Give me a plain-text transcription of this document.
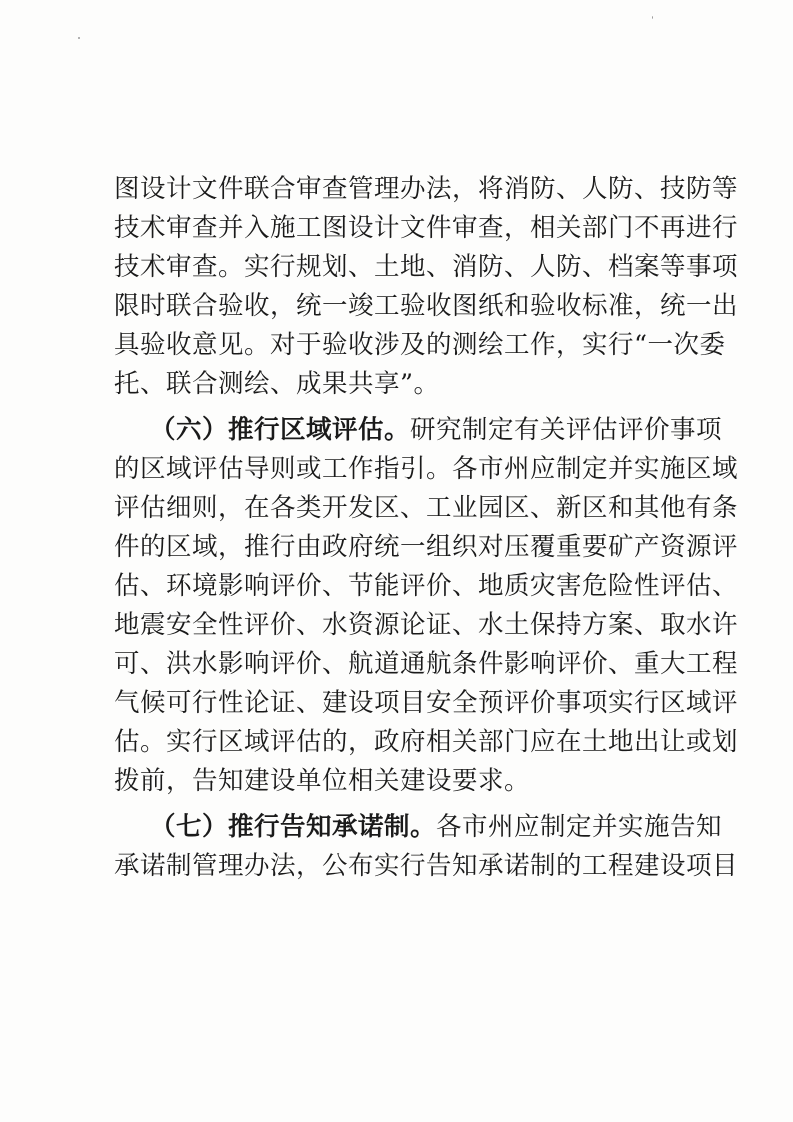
图设计文件联合审查管理办法，将消防、人防、技防等
技术审查并入施工图设计文件审查，相关部门不再进行
技术审查。实行规划、土地、消防、人防、档案等事项
限时联合验收，统一竣工验收图纸和验收标准，统一出
具验收意见。对于验收涉及的测绘工作，实行“一次委
托、联合测绘、成果共享”。
（六）推行区域评估。研究制定有关评估评价事项
的区域评估导则或工作指引。各市州应制定并实施区域
评估细则，在各类开发区、工业园区、新区和其他有条
件的区域，推行由政府统一组织对压覆重要矿产资源评
估、环境影响评价、节能评价、地质灾害危险性评估、
地震安全性评价、水资源论证、水土保持方案、取水许
可、洪水影响评价、航道通航条件影响评价、重大工程
气候可行性论证、建设项目安全预评价事项实行区域评
估。实行区域评估的，政府相关部门应在土地出让或划
拨前，告知建设单位相关建设要求。
（七）推行告知承诺制。各市州应制定并实施告知
承诺制管理办法，公布实行告知承诺制的工程建设项目
